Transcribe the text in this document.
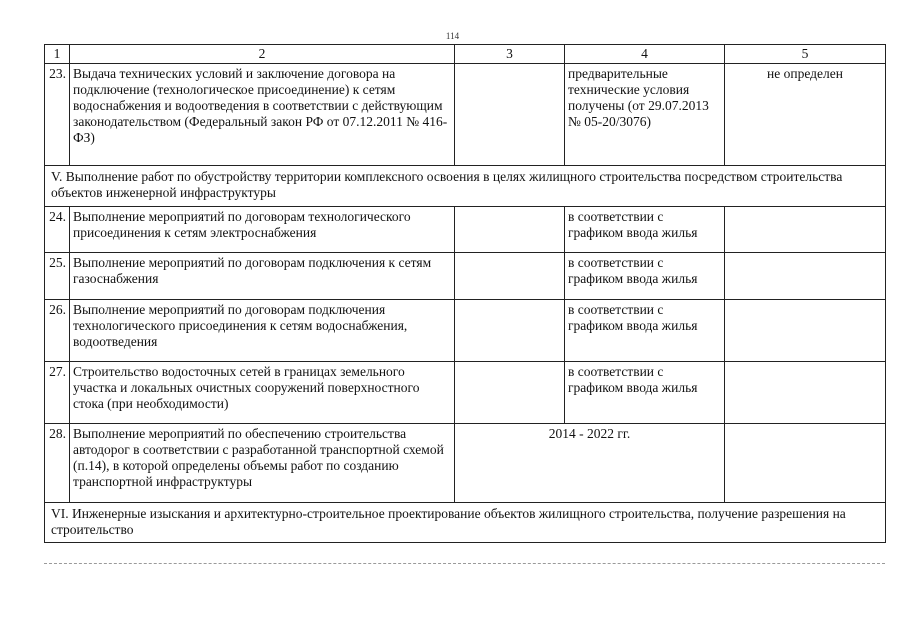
114
1	2	3	4	5
23.	Выдача технических условий и заключение договора на подключение (технологическое присоединение) к сетям водоснабжения и водоотведения в соответствии с действующим законодательством (Федеральный закон РФ от 07.12.2011 № 416-ФЗ)		предварительные технические условия получены (от 29.07.2013 № 05-20/3076)	не определен
V. Выполнение работ по обустройству территории комплексного освоения в целях жилищного строительства посредством строительства объектов инженерной инфраструктуры				
24.	Выполнение мероприятий по договорам технологического присоединения к сетям электроснабжения		в соответствии с графиком ввода жилья	
25.	Выполнение мероприятий по договорам подключения к сетям газоснабжения		в соответствии с графиком ввода жилья	
26.	Выполнение мероприятий по договорам подключения технологического присоединения к сетям водоснабжения, водоотведения		в соответствии с графиком ввода жилья	
27.	Строительство водосточных сетей в границах земельного участка и локальных очистных сооружений поверхностного стока (при необходимости)		в соответствии с графиком ввода жилья	
28.	Выполнение мероприятий по обеспечению строительства автодорог в соответствии с разработанной транспортной схемой (п.14), в которой определены объемы работ по созданию транспортной инфраструктуры	2014 - 2022 гг.		
VI. Инженерные изыскания и архитектурно-строительное проектирование объектов жилищного строительства, получение разрешения на строительство				
